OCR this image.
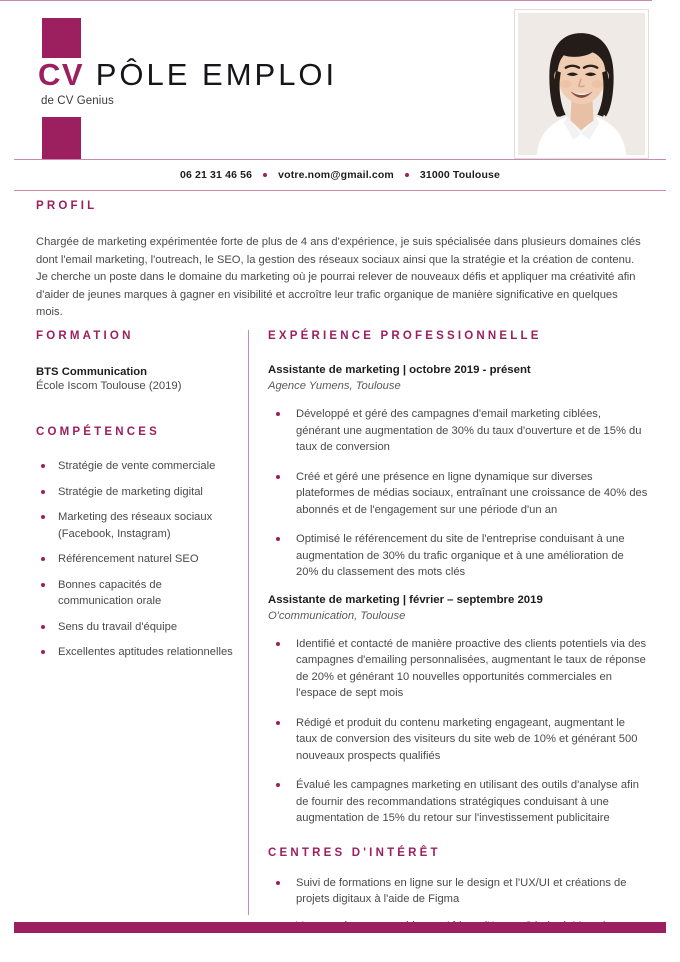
CV PÔLE EMPLOI
de CV Genius
06 21 31 46 56 votre.nom@gmail.com 31000 Toulouse
PROFIL
Chargée de marketing expérimentée forte de plus de 4 ans d'expérience, je suis spécialisée dans plusieurs domaines clés dont l'email marketing, l'outreach, le SEO, la gestion des réseaux sociaux ainsi que la stratégie et la création de contenu. Je cherche un poste dans le domaine du marketing où je pourrai relever de nouveaux défis et appliquer ma créativité afin d'aider de jeunes marques à gagner en visibilité et accroître leur trafic organique de manière significative en quelques mois.
FORMATION
BTS Communication
École Iscom Toulouse (2019)
COMPÉTENCES
Stratégie de vente commerciale
Stratégie de marketing digital
Marketing des réseaux sociaux (Facebook, Instagram)
Référencement naturel SEO
Bonnes capacités de communication orale
Sens du travail d'équipe
Excellentes aptitudes relationnelles
EXPÉRIENCE PROFESSIONNELLE
Assistante de marketing | octobre 2019 - présent
Agence Yumens, Toulouse
Développé et géré des campagnes d'email marketing ciblées, générant une augmentation de 30% du taux d'ouverture et de 15% du taux de conversion
Créé et géré une présence en ligne dynamique sur diverses plateformes de médias sociaux, entraînant une croissance de 40% des abonnés et de l'engagement sur une période d'un an
Optimisé le référencement du site de l'entreprise conduisant à une augmentation de 30% du trafic organique et à une amélioration de 20% du classement des mots clés
Assistante de marketing | février – septembre 2019
O'communication, Toulouse
Identifié et contacté de manière proactive des clients potentiels via des campagnes d'emailing personnalisées, augmentant le taux de réponse de 20% et générant 10 nouvelles opportunités commerciales en l'espace de sept mois
Rédigé et produit du contenu marketing engageant, augmentant le taux de conversion des visiteurs du site web de 10% et générant 500 nouveaux prospects qualifiés
Évalué les campagnes marketing en utilisant des outils d'analyse afin de fournir des recommandations stratégiques conduisant à une augmentation de 15% du retour sur l'investissement publicitaire
CENTRES D'INTÉRÊT
Suivi de formations en ligne sur le design et l'UX/UI et créations de projets digitaux à l'aide de Figma
